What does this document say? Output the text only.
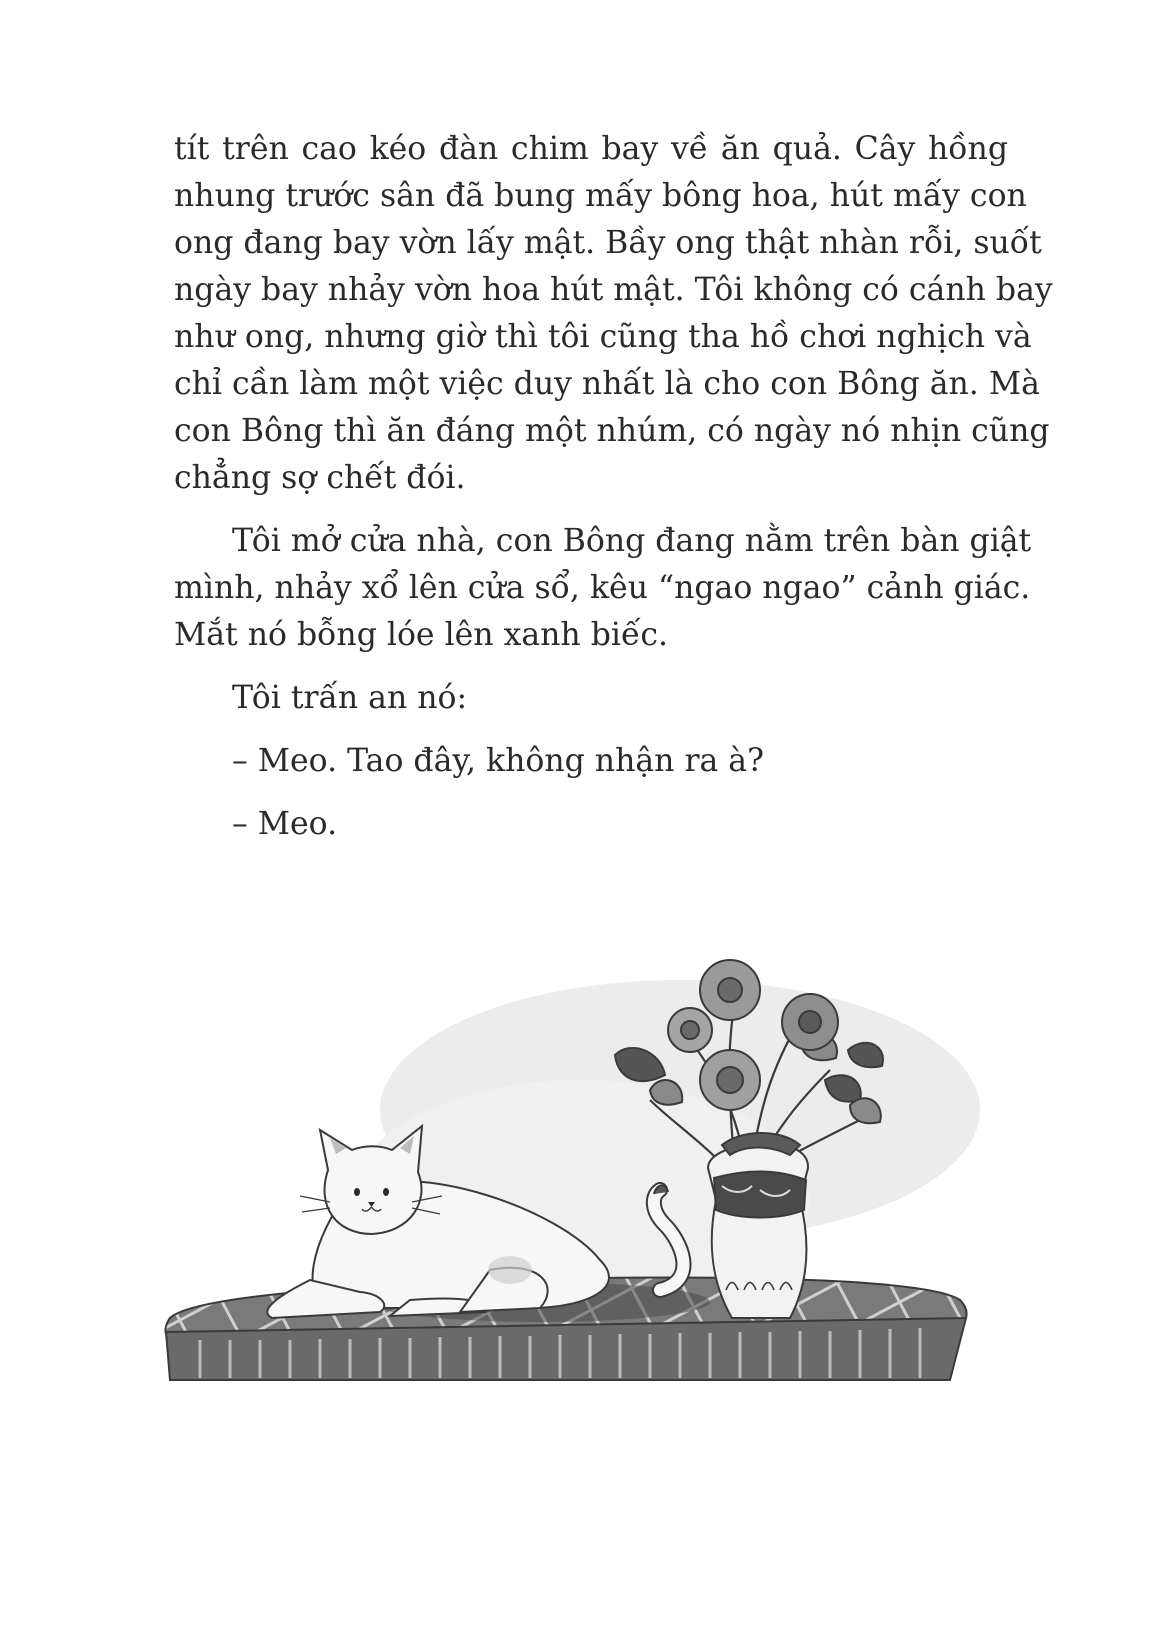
tít trên cao kéo đàn chim bay về ăn quả. Cây hồng
nhung trước sân đã bung mấy bông hoa, hút mấy con
ong đang bay vờn lấy mật. Bầy ong thật nhàn rỗi, suốt
ngày bay nhảy vờn hoa hút mật. Tôi không có cánh bay
như ong, nhưng giờ thì tôi cũng tha hồ chơi nghịch và
chỉ cần làm một việc duy nhất là cho con Bông ăn. Mà
con Bông thì ăn đáng một nhúm, có ngày nó nhịn cũng
chẳng sợ chết đói.
Tôi mở cửa nhà, con Bông đang nằm trên bàn giật
mình, nhảy xổ lên cửa sổ, kêu “ngao ngao” cảnh giác.
Mắt nó bỗng lóe lên xanh biếc.
Tôi trấn an nó:
– Meo. Tao đây, không nhận ra à?
– Meo.
